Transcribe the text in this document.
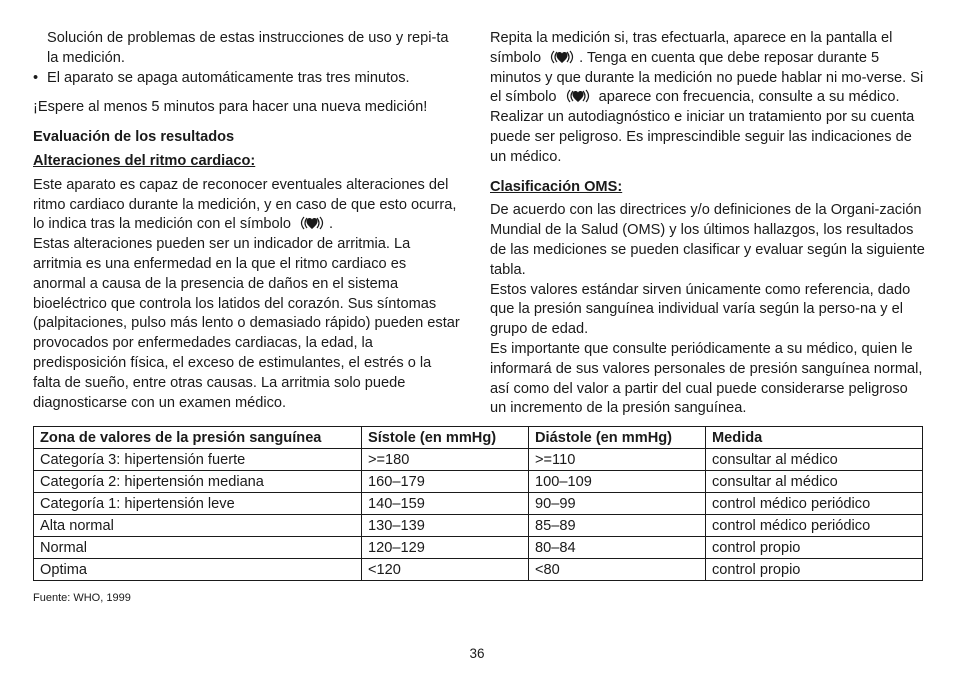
Solución de problemas de estas instrucciones de uso y repi-ta la medición.

• El aparato se apaga automáticamente tras tres minutos.

¡Espere al menos 5 minutos para hacer una nueva medición!

Evaluación de los resultados

Alteraciones del ritmo cardiaco:

Este aparato es capaz de reconocer eventuales alteraciones del ritmo cardiaco durante la medición, y en caso de que esto ocurra, lo indica tras la medición con el símbolo	.

Estas alteraciones pueden ser un indicador de arritmia. La arritmia es una enfermedad en la que el ritmo cardiaco es anormal a causa de la presencia de daños en el sistema bioeléctrico que controla los latidos del corazón. Sus síntomas (palpitaciones, pulso más lento o demasiado rápido) pueden estar provocados por enfermedades cardiacas, la edad, la predisposición física, el exceso de estimulantes, el estrés o la falta de sueño, entre otras causas. La arritmia solo puede diagnosticarse con un examen médico.

Repita la medición si, tras efectuarla, aparece en la pantalla el símbolo	. Tenga en cuenta que debe reposar durante 5 minutos y que durante la medición no puede hablar ni mo-verse. Si el símbolo	aparece con frecuencia, consulte a su médico. Realizar un autodiagnóstico e iniciar un tratamiento por su cuenta puede ser peligroso. Es imprescindible seguir las indicaciones de un médico.

Clasificación OMS:

De acuerdo con las directrices y/o definiciones de la Organi-zación Mundial de la Salud (OMS) y los últimos hallazgos, los resultados de las mediciones se pueden clasificar y evaluar según la siguiente tabla.

Estos valores estándar sirven únicamente como referencia, dado que la presión sanguínea individual varía según la perso-na y el grupo de edad.

Es importante que consulte periódicamente a su médico, quien le informará de sus valores personales de presión sanguínea normal, así como del valor a partir del cual puede considerarse peligroso un incremento de la presión sanguínea.

Zona de valores de la presión sanguínea	Sístole (en mmHg)	Diástole (en mmHg)	Medida
Categoría 3: hipertensión fuerte	>=180	>=110	consultar al médico
Categoría 2: hipertensión mediana	160–179	100–109	consultar al médico
Categoría 1: hipertensión leve	140–159	90–99	control médico periódico
Alta normal	130–139	85–89	control médico periódico
Normal	120–129	80–84	control propio
Optima	<120	<80	control propio
Fuente: WHO, 1999
36
